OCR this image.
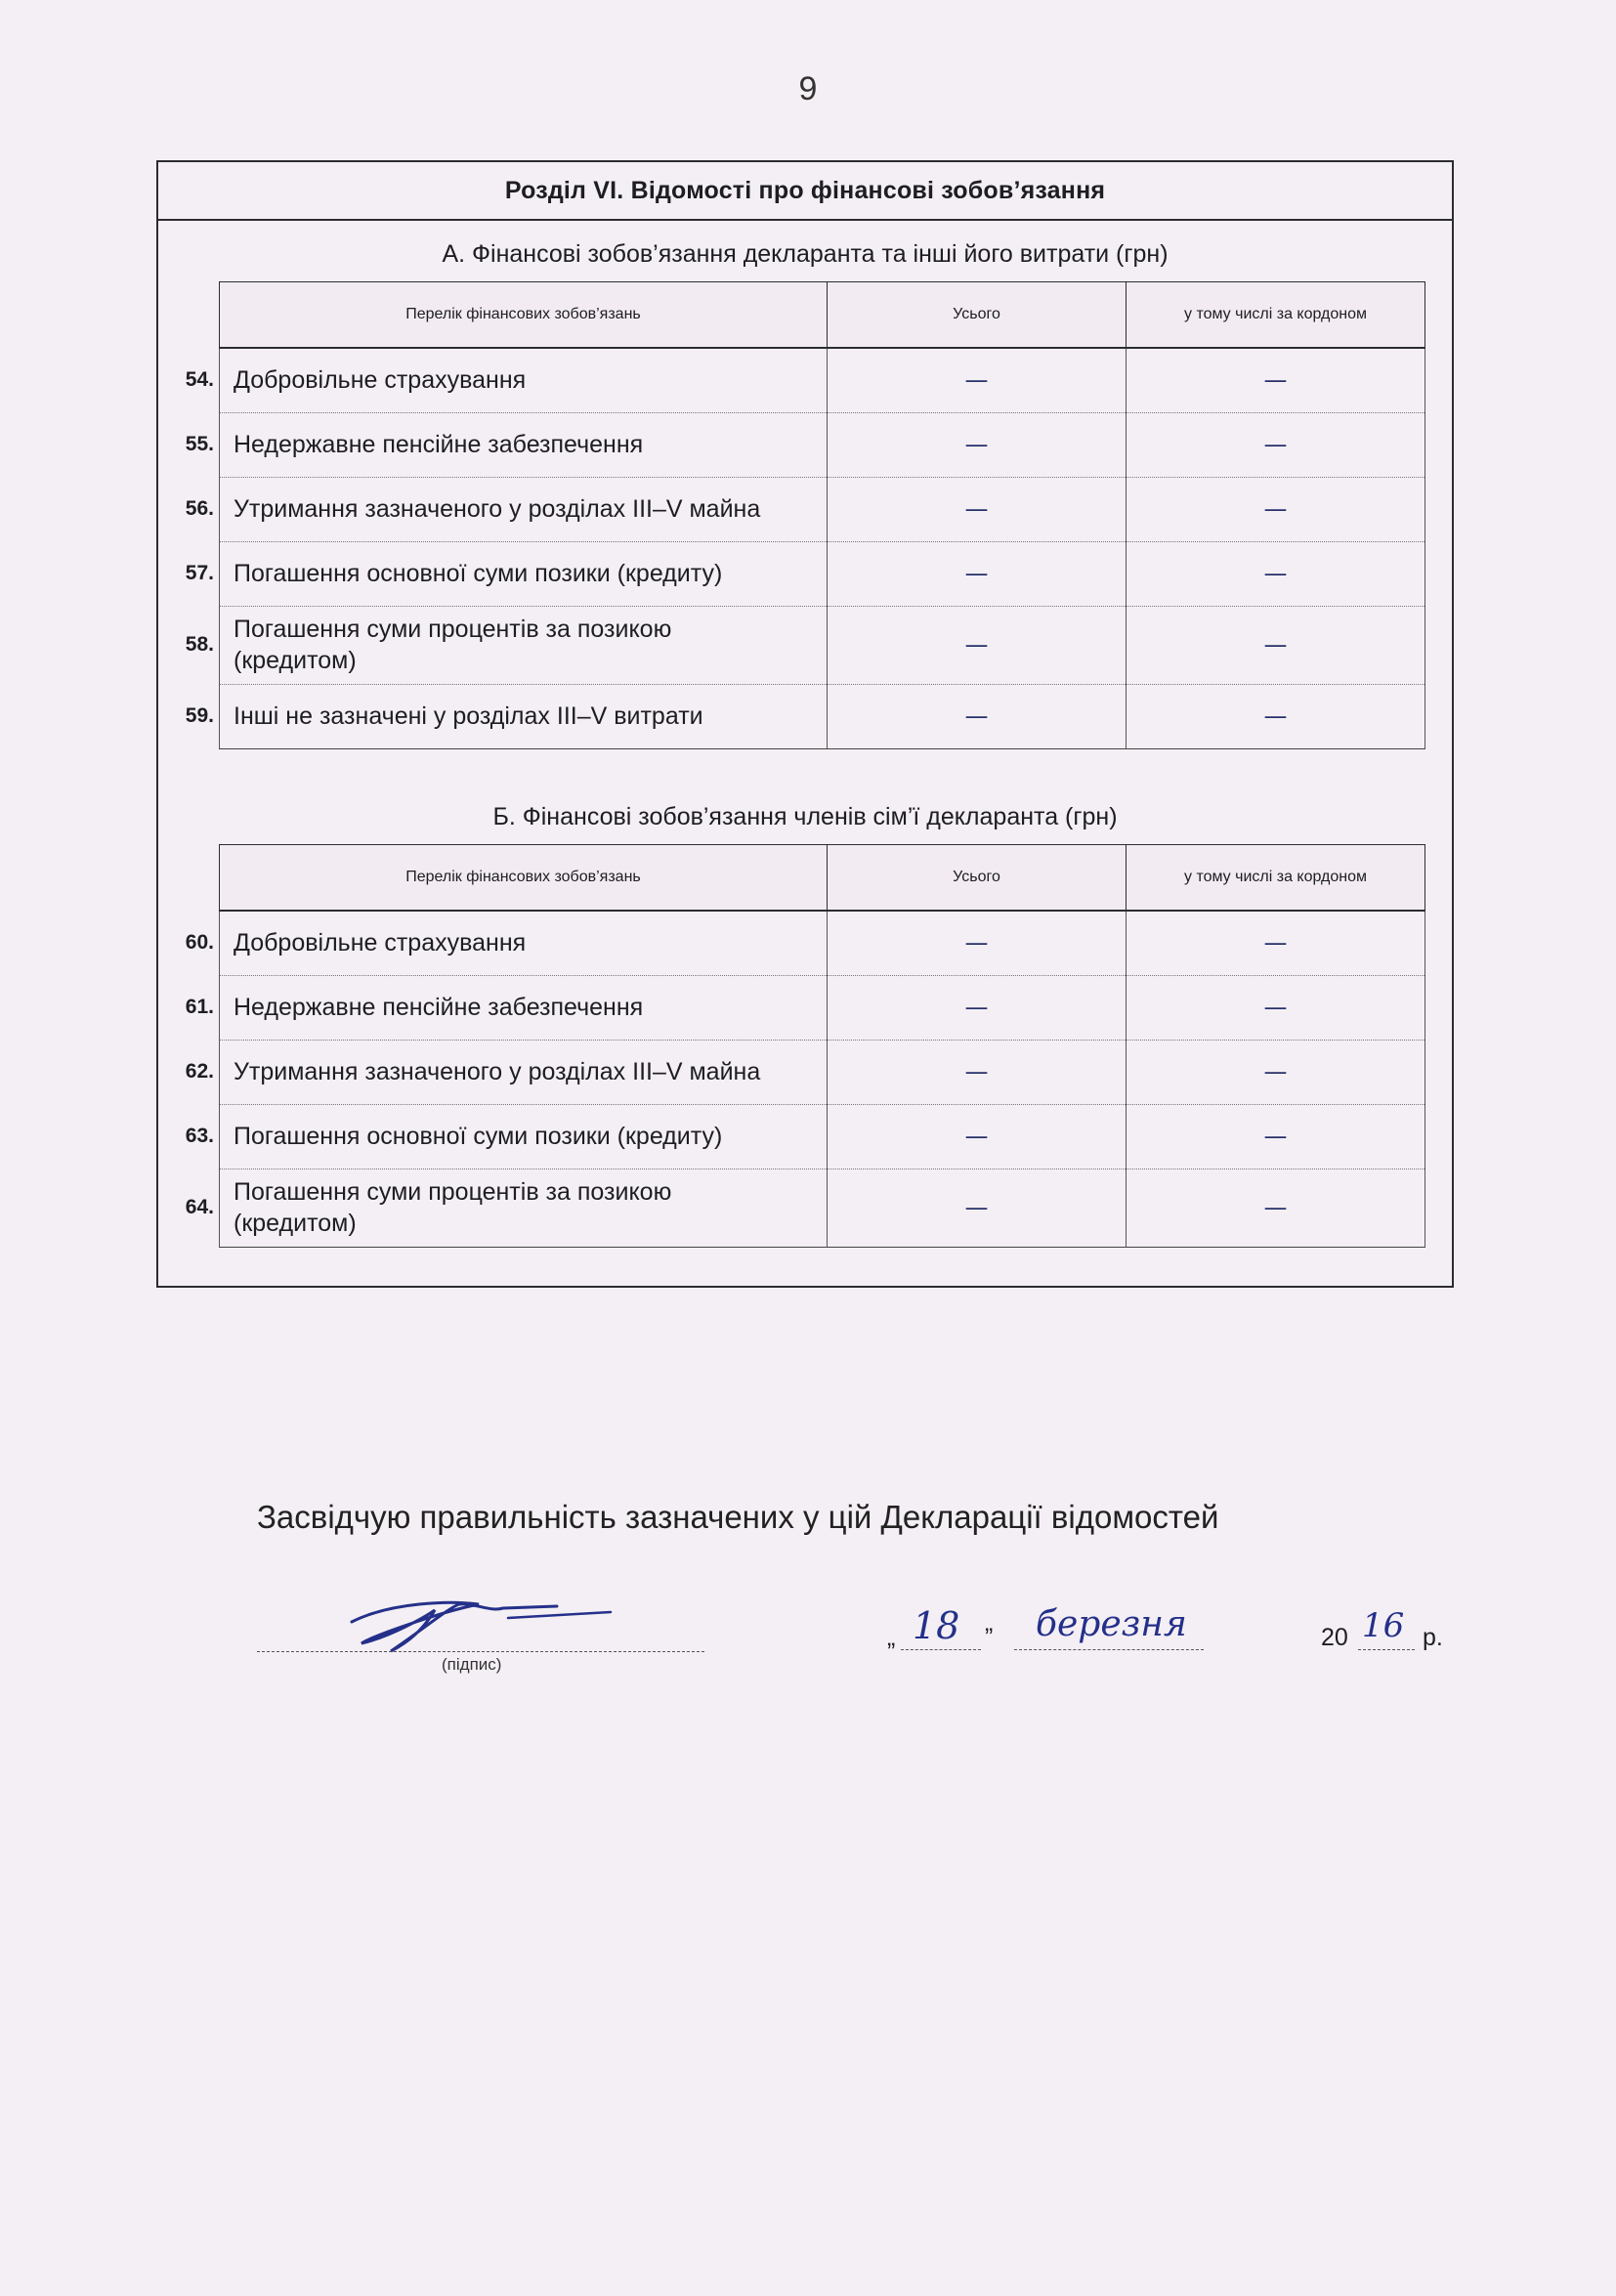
9
Розділ VI. Відомості про фінансові зобов’язання
А. Фінансові зобов’язання декларанта та інші його витрати (грн)
Перелік фінансових зобов’язань	Усього	у тому числі за кордоном

54. Добровільне страхування	—	—

55. Недержавне пенсійне забезпечення	—	—

56. Утримання зазначеного у розділах III–V майна	—	—

57. Погашення основної суми позики (кредиту)	—	—

58.
Погашення суми процентів за позикою (кредитом)	—	—

59. Інші не зазначені у розділах III–V витрати	—	—
Б. Фінансові зобов’язання членів сім’ї декларанта (грн)
Перелік фінансових зобов’язань	Усього	у тому числі за кордоном

60. Добровільне страхування	—	—

61. Недержавне пенсійне забезпечення	—	—

62. Утримання зазначеного у розділах III–V майна	—	—

63. Погашення основної суми позики (кредиту)	—	—

64.
Погашення суми процентів за позикою (кредитом)	—	—
Засвідчую правильність зазначених у цій Декларації відомостей
(підпис)
„ 18 ” березня	20 16 р.
